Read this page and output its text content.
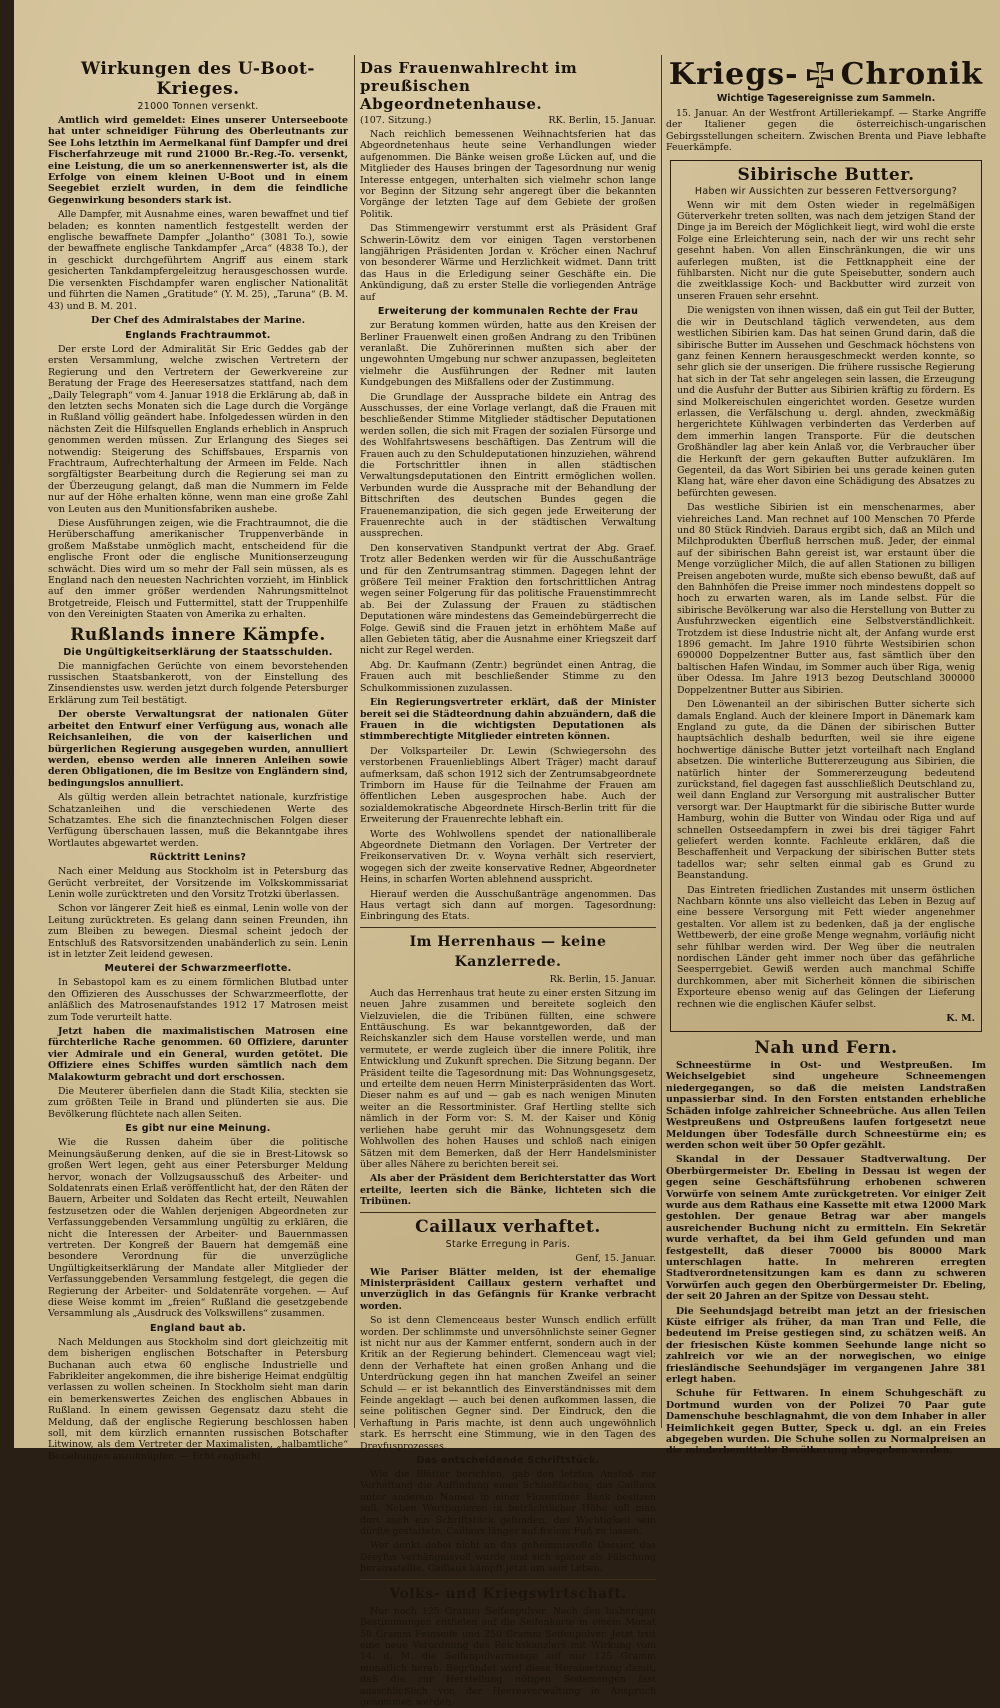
Wirkungen des U-Boot-Krieges.
21000 Tonnen versenkt.

Amtlich wird gemeldet: Eines unserer Unterseeboote hat unter schneidiger Führung des Oberleutnants zur See Lohs letzthin im Aermelkanal fünf Dampfer und drei Fischerfahrzeuge mit rund 21000 Br.-Reg.-To. versenkt, eine Leistung, die um so anerkennenswerter ist, als die Erfolge von einem kleinen U-Boot und in einem Seegebiet erzielt wurden, in dem die feindliche Gegenwirkung besonders stark ist.

Alle Dampfer, mit Ausnahme eines, waren bewaffnet und tief beladen; es konnten namentlich festgestellt werden der englische bewaffnete Dampfer „Jolantho“ (3081 To.), sowie der bewaffnete englische Tankdampfer „Arca“ (4838 To.), der in geschickt durchgeführtem Angriff aus einem stark gesicherten Tankdampfergeleitzug herausgeschossen wurde. Die versenkten Fischdampfer waren englischer Nationalität und führten die Namen „Gratitude“ (Y. M. 25), „Taruna“ (B. M. 43) und B. M. 201.

Der Chef des Admiralstabes der Marine.
Englands Frachtraummot.

Der erste Lord der Admiralität Sir Eric Geddes gab der ersten Versammlung, welche zwischen Vertretern der Regierung und den Vertretern der Gewerkvereine zur Beratung der Frage des Heeresersatzes stattfand, nach dem „Daily Telegraph“ vom 4. Januar 1918 die Erklärung ab, daß in den letzten sechs Monaten sich die Lage durch die Vorgänge in Rußland völlig geändert habe. Infolgedessen würden in den nächsten Zeit die Hilfsquellen Englands erheblich in Anspruch genommen werden müssen. Zur Erlangung des Sieges sei notwendig: Steigerung des Schiffsbaues, Ersparnis von Frachtraum, Aufrechterhaltung der Armeen im Felde. Nach sorgfältigster Bearbeitung durch die Regierung sei man zu der Überzeugung gelangt, daß man die Nummern im Felde nur auf der Höhe erhalten könne, wenn man eine große Zahl von Leuten aus den Munitionsfabriken aushebe.

Diese Ausführungen zeigen, wie die Frachtraumnot, die die Herüberschaffung amerikanischer Truppenverbände in großem Maßstabe unmöglich macht, entscheidend für die englische Front oder die englische Munitionserzeugung schwächt. Dies wird um so mehr der Fall sein müssen, als es England nach den neuesten Nachrichten vorzieht, im Hinblick auf den immer größer werdenden Nahrungsmittelnot Brotgetreide, Fleisch und Futtermittel, statt der Truppenhilfe von den Vereinigten Staaten von Amerika zu erhalten.

Rußlands innere Kämpfe.
Die Ungültigkeitserklärung der Staatsschulden.

Die mannigfachen Gerüchte von einem bevorstehenden russischen Staatsbankerott, von der Einstellung des Zinsendienstes usw. werden jetzt durch folgende Petersburger Erklärung zum Teil bestätigt.

Der oberste Verwaltungsrat der nationalen Güter arbeitet den Entwurf einer Verfügung aus, wonach alle Reichsanleihen, die von der kaiserlichen und bürgerlichen Regierung ausgegeben wurden, annulliert werden, ebenso werden alle inneren Anleihen sowie deren Obligationen, die im Besitze von Engländern sind, bedingungslos annulliert.

Als gültig werden allein betrachtet nationale, kurzfristige Schatzanleihen und die verschiedenen Werte des Schatzamtes. Ehe sich die finanztechnischen Folgen dieser Verfügung überschauen lassen, muß die Bekanntgabe ihres Wortlautes abgewartet werden.

Rücktritt Lenins?

Nach einer Meldung aus Stockholm ist in Petersburg das Gerücht verbreitet, der Vorsitzende im Volkskommissariat Lenin wolle zurücktreten und den Vorsitz Trotzki überlassen.

Schon vor längerer Zeit hieß es einmal, Lenin wolle von der Leitung zurücktreten. Es gelang dann seinen Freunden, ihn zum Bleiben zu bewegen. Diesmal scheint jedoch der Entschluß des Ratsvorsitzenden unabänderlich zu sein. Lenin ist in letzter Zeit leidend gewesen.

Meuterei der Schwarzmeerflotte.

In Sebastopol kam es zu einem förmlichen Blutbad unter den Offizieren des Ausschusses der Schwarzmeerflotte, der anläßlich des Matrosenaufstandes 1912 17 Matrosen meist zum Tode verurteilt hatte.

Jetzt haben die maximalistischen Matrosen eine fürchterliche Rache genommen. 60 Offiziere, darunter vier Admirale und ein General, wurden getötet. Die Offiziere eines Schiffes wurden sämtlich nach dem Malakowturm gebracht und dort erschossen.

Die Meuterer überfielen dann die Stadt Kilia, steckten sie zum größten Teile in Brand und plünderten sie aus. Die Bevölkerung flüchtete nach allen Seiten.

Es gibt nur eine Meinung.

Wie die Russen daheim über die politische Meinungsäußerung denken, auf die sie in Brest-Litowsk so großen Wert legen, geht aus einer Petersburger Meldung hervor, wonach der Vollzugsausschuß des Arbeiter- und Soldatenrats einen Erlaß veröffentlicht hat, der den Räten der Bauern, Arbeiter und Soldaten das Recht erteilt, Neuwahlen festzusetzen oder die Wahlen derjenigen Abgeordneten zur Verfassunggebenden Versammlung ungültig zu erklären, die nicht die Interessen der Arbeiter- und Bauernmassen vertreten. Der Kongreß der Bauern hat demgemäß eine besondere Verordnung für die unverzügliche Ungültigkeitserklärung der Mandate aller Mitglieder der Verfassunggebenden Versammlung festgelegt, die gegen die Regierung der Arbeiter- und Soldatenräte vorgehen. — Auf diese Weise kommt im „freien“ Rußland die gesetzgebende Versammlung als „Ausdruck des Volkswillens“ zusammen.

England baut ab.

Nach Meldungen aus Stockholm sind dort gleichzeitig mit dem bisherigen englischen Botschafter in Petersburg Buchanan auch etwa 60 englische Industrielle und Fabrikleiter angekommen, die ihre bisherige Heimat endgültig verlassen zu wollen scheinen. In Stockholm sieht man darin ein bemerkenswertes Zeichen des englischen Abbaues in Rußland. In einem gewissen Gegensatz dazu steht die Meldung, daß der englische Regierung beschlossen haben soll, mit dem kürzlich ernannten russischen Botschafter Litwinow, als dem Vertreter der Maximalisten, „halbamtliche“ Beziehungen anzuknüpfen. — Echt englisch!

Das Frauenwahlrecht im preußischen Abgeordnetenhause.
(107. Sitzung.)	RK. Berlin, 15. Januar.

Nach reichlich bemessenen Weihnachtsferien hat das Abgeordnetenhaus heute seine Verhandlungen wieder aufgenommen. Die Bänke weisen große Lücken auf, und die Mitglieder des Hauses bringen der Tagesordnung nur wenig Interesse entgegen, unterhalten sich vielmehr schon lange vor Beginn der Sitzung sehr angeregt über die bekannten Vorgänge der letzten Tage auf dem Gebiete der großen Politik.

Das Stimmengewirr verstummt erst als Präsident Graf Schwerin-Löwitz dem vor einigen Tagen verstorbenen langjährigen Präsidenten Jordan v. Kröcher einen Nachruf von besonderer Wärme und Herzlichkeit widmet. Dann tritt das Haus in die Erledigung seiner Geschäfte ein. Die Ankündigung, daß zu erster Stelle die vorliegenden Anträge auf

Erweiterung der kommunalen Rechte der Frau

zur Beratung kommen würden, hatte aus den Kreisen der Berliner Frauenwelt einen großen Andrang zu den Tribünen veranlaßt. Die Zuhörerinnen mußten sich aber der ungewohnten Umgebung nur schwer anzupassen, begleiteten vielmehr die Ausführungen der Redner mit lauten Kundgebungen des Mißfallens oder der Zustimmung.

Die Grundlage der Aussprache bildete ein Antrag des Ausschusses, der eine Vorlage verlangt, daß die Frauen mit beschließender Stimme Mitglieder städtischer Deputationen werden sollen, die sich mit Fragen der sozialen Fürsorge und des Wohlfahrtswesens beschäftigen. Das Zentrum will die Frauen auch zu den Schuldeputationen hinzuziehen, während die Fortschrittler ihnen in allen städtischen Verwaltungsdeputationen den Eintritt ermöglichen wollen. Verbunden wurde die Aussprache mit der Behandlung der Bittschriften des deutschen Bundes gegen die Frauenemanzipation, die sich gegen jede Erweiterung der Frauenrechte auch in der städtischen Verwaltung aussprechen.

Den konservativen Standpunkt vertrat der Abg. Graef. Trotz aller Bedenken werden wir für die Ausschußanträge und für den Zentrumsantrag stimmen. Dagegen lehnt der größere Teil meiner Fraktion den fortschrittlichen Antrag wegen seiner Folgerung für das politische Frauenstimmrecht ab. Bei der Zulassung der Frauen zu städtischen Deputationen wäre mindestens das Gemeindebürgerrecht die Folge. Gewiß sind die Frauen jetzt in erhöhtem Maße auf allen Gebieten tätig, aber die Ausnahme einer Kriegszeit darf nicht zur Regel werden.

Abg. Dr. Kaufmann (Zentr.) begründet einen Antrag, die Frauen auch mit beschließender Stimme zu den Schulkommissionen zuzulassen.

Ein Regierungsvertreter erklärt, daß der Minister bereit sei die Städteordnung dahin abzuändern, daß die Frauen in die wichtigsten Deputationen als stimmberechtigte Mitglieder eintreten können.

Der Volksparteiler Dr. Lewin (Schwiegersohn des verstorbenen Frauenlieblings Albert Träger) macht darauf aufmerksam, daß schon 1912 sich der Zentrumsabgeordnete Trimborn im Hause für die Teilnahme der Frauen am öffentlichen Leben ausgesprochen habe. Auch der sozialdemokratische Abgeordnete Hirsch-Berlin tritt für die Erweiterung der Frauenrechte lebhaft ein.

Worte des Wohlwollens spendet der nationalliberale Abgeordnete Dietmann den Vorlagen. Der Vertreter der Freikonservativen Dr. v. Woyna verhält sich reserviert, wogegen sich der zweite konservative Redner, Abgeordneter Heins, in scharfen Worten ablehnend ausspricht.

Hierauf werden die Ausschußanträge angenommen. Das Haus vertagt sich dann auf morgen. Tagesordnung: Einbringung des Etats.

Im Herrenhaus — keine Kanzlerrede.
Rk. Berlin, 15. Januar.

Auch das Herrenhaus trat heute zu einer ersten Sitzung im neuen Jahre zusammen und bereitete sogleich den Vielzuvielen, die die Tribünen füllten, eine schwere Enttäuschung. Es war bekanntgeworden, daß der Reichskanzler sich dem Hause vorstellen werde, und man vermutete, er werde zugleich über die innere Politik, ihre Entwicklung und Zukunft sprechen. Die Sitzung begann. Der Präsident teilte die Tagesordnung mit: Das Wohnungsgesetz, und erteilte dem neuen Herrn Ministerpräsidenten das Wort. Dieser nahm es auf und — gab es nach wenigen Minuten weiter an die Ressortminister. Graf Hertling stellte sich nämlich in der Form vor: S. M. der Kaiser und König verliehen habe geruht mir das Wohnungsgesetz dem Wohlwollen des hohen Hauses und schloß nach einigen Sätzen mit dem Bemerken, daß der Herr Handelsminister über alles Nähere zu berichten bereit sei.

Als aber der Präsident dem Berichterstatter das Wort erteilte, leerten sich die Bänke, lichteten sich die Tribünen.

Caillaux verhaftet.
Starke Erregung in Paris.
Genf, 15. Januar.

Wie Pariser Blätter melden, ist der ehemalige Ministerpräsident Caillaux gestern verhaftet und unverzüglich in das Gefängnis für Kranke verbracht worden.

So ist denn Clemenceaus bester Wunsch endlich erfüllt worden. Der schlimmste und unversöhnlichste seiner Gegner ist nicht nur aus der Kammer entfernt, sondern auch in der Kritik an der Regierung behindert. Clemenceau wagt viel; denn der Verhaftete hat einen großen Anhang und die Unterdrückung gegen ihn hat manchen Zweifel an seiner Schuld — er ist bekanntlich des Einverständnisses mit dem Feinde angeklagt — auch bei denen aufkommen lassen, die seine politischen Gegner sind. Der Eindruck, den die Verhaftung in Paris machte, ist denn auch ungewöhnlich stark. Es herrscht eine Stimmung, wie in den Tagen des Dreyfusprozesses.

Das entscheidende Schriftstück.

Wie die Blätter berichten, gab den letzten Anstoß zur Verhaftung die Auffindung eines Schließfaches, das Caillaux unter anderem Namen in einer Florentiner Bank besitzen soll. Neben Wertpapieren in beträchtlicher Höhe soll man dort auch ein Schriftstück gefunden, das Wichtigkeit sein dürfte gestattete, Caillaux länger auf freiem Fuß zu lassen.

Wer denkt dabei nicht an das geheimnisvolle Dossier, das Dreyfus verhängnisvoll wurde und sich später als Fälschung herausstellte. Caillaux kämpft jetzt um sein Leben.

Volks- und Kriegswirtschaft.

Nur noch 125 Gramm Seifenpulver. Nach den bisherigen Bestimmungen entfielen auf die Seifenkarte in einem Monat 50 Gramm Feinseife und 250 Gramm Seifenpulver. Jetzt tritt eine neue Verordnung des Reichskanzlers mit Wirkung vom 14. d. M. die Seifenpulvermenge auf nur 125 Gramm monatlich herab. Begründet wird diese Herabsetzung damit, daß die zur Herstellung nötigen Sodamengen fast ausschließlich von der Heeresverwaltung in Anspruch genommen werden.

Kriegs- Chronik
Wichtige Tagesereignisse zum Sammeln.

15. Januar. An der Westfront Artilleriekampf. — Starke Angriffe der Italiener gegen die österreichisch-ungarischen Gebirgsstellungen scheitern. Zwischen Brenta und Piave lebhafte Feuerkämpfe.

Sibirische Butter.
Haben wir Aussichten zur besseren Fettversorgung?

Wenn wir mit dem Osten wieder in regelmäßigen Güterverkehr treten sollten, was nach dem jetzigen Stand der Dinge ja im Bereich der Möglichkeit liegt, wird wohl die erste Folge eine Erleichterung sein, nach der wir uns recht sehr gesehnt haben. Von allen Einschränkungen, die wir uns auferlegen mußten, ist die Fettknappheit eine der fühlbarsten. Nicht nur die gute Speisebutter, sondern auch die zweitklassige Koch- und Backbutter wird zurzeit von unseren Frauen sehr ersehnt.

Die wenigsten von ihnen wissen, daß ein gut Teil der Butter, die wir in Deutschland täglich verwendeten, aus dem westlichen Sibirien kam. Das hat seinen Grund darin, daß die sibirische Butter im Aussehen und Geschmack höchstens von ganz feinen Kennern herausgeschmeckt werden konnte, so sehr glich sie der unserigen. Die frühere russische Regierung hat sich in der Tat sehr angelegen sein lassen, die Erzeugung und die Ausfuhr der Butter aus Sibirien kräftig zu fördern. Es sind Molkereischulen eingerichtet worden. Gesetze wurden erlassen, die Verfälschung u. dergl. ahnden, zweckmäßig hergerichtete Kühlwagen verbinderten das Verderben auf dem immerhin langen Transporte. Für die deutschen Großhändler lag aber kein Anlaß vor, die Verbraucher über die Herkunft der gern gekauften Butter aufzuklären. Im Gegenteil, da das Wort Sibirien bei uns gerade keinen guten Klang hat, wäre eher davon eine Schädigung des Absatzes zu befürchten gewesen.

Das westliche Sibirien ist ein menschenarmes, aber viehreiches Land. Man rechnet auf 100 Menschen 70 Pferde und 80 Stück Rindvieh. Daraus ergibt sich, daß an Milch und Milchprodukten Überfluß herrschen muß. Jeder, der einmal auf der sibirischen Bahn gereist ist, war erstaunt über die Menge vorzüglicher Milch, die auf allen Stationen zu billigen Preisen angeboten wurde, mußte sich ebenso bewußt, daß auf den Bahnhöfen die Preise immer noch mindestens doppelt so hoch zu erwarten waren, als im Lande selbst. Für die sibirische Bevölkerung war also die Herstellung von Butter zu Ausfuhrzwecken eigentlich eine Selbstverständlichkeit. Trotzdem ist diese Industrie nicht alt, der Anfang wurde erst 1896 gemacht. Im Jahre 1910 führte Westsibirien schon 690000 Doppelzentner Butter aus, fast sämtlich über den baltischen Hafen Windau, im Sommer auch über Riga, wenig über Odessa. Im Jahre 1913 bezog Deutschland 300000 Doppelzentner Butter aus Sibirien.

Den Löwenanteil an der sibirischen Butter sicherte sich damals England. Auch der kleinere Import in Dänemark kam England zu gute, da die Dänen der sibirischen Butter hauptsächlich deshalb bedurften, weil sie ihre eigene hochwertige dänische Butter jetzt vorteilhaft nach England absetzen. Die winterliche Buttererzeugung aus Sibirien, die natürlich hinter der Sommererzeugung bedeutend zurückstand, fiel dagegen fast ausschließlich Deutschland zu, weil dann England zur Versorgung mit australischer Butter versorgt war. Der Hauptmarkt für die sibirische Butter wurde Hamburg, wohin die Butter von Windau oder Riga und auf schnellen Ostseedampfern in zwei bis drei tägiger Fahrt geliefert werden konnte. Fachleute erklären, daß die Beschaffenheit und Verpackung der sibirischen Butter stets tadellos war; sehr selten einmal gab es Grund zu Beanstandung.

Das Eintreten friedlichen Zustandes mit unserm östlichen Nachbarn könnte uns also vielleicht das Leben in Bezug auf eine bessere Versorgung mit Fett wieder angenehmer gestalten. Vor allem ist zu bedenken, daß ja der englische Wettbewerb, der eine große Menge wegnahm, vorläufig nicht sehr fühlbar werden wird. Der Weg über die neutralen nordischen Länder geht immer noch über das gefährliche Seesperrgebiet. Gewiß werden auch manchmal Schiffe durchkommen, aber mit Sicherheit können die sibirischen Exporteure ebenso wenig auf das Gelingen der Lieferung rechnen wie die englischen Käufer selbst.

K. M.
Nah und Fern.

Schneestürme in Ost- und Westpreußen. Im Weichselgebiet sind ungeheure Schneemengen niedergegangen, so daß die meisten Landstraßen unpassierbar sind. In den Forsten entstanden erhebliche Schäden infolge zahlreicher Schneebrüche. Aus allen Teilen Westpreußens und Ostpreußens laufen fortgesetzt neue Meldungen über Todesfälle durch Schneestürme ein; es werden schon weit über 50 Opfer gezählt.

Skandal in der Dessauer Stadtverwaltung. Der Oberbürgermeister Dr. Ebeling in Dessau ist wegen der gegen seine Geschäftsführung erhobenen schweren Vorwürfe von seinem Amte zurückgetreten. Vor einiger Zeit wurde aus dem Rathaus eine Kassette mit etwa 12000 Mark gestohlen. Der genaue Betrag war aber mangels ausreichender Buchung nicht zu ermitteln. Ein Sekretär wurde verhaftet, da bei ihm Geld gefunden und man festgestellt, daß dieser 70000 bis 80000 Mark unterschlagen hatte. In mehreren erregten Stadtverordnetensitzungen kam es dann zu schweren Vorwürfen auch gegen den Oberbürgermeister Dr. Ebeling, der seit 20 Jahren an der Spitze von Dessau steht.

Die Seehundsjagd betreibt man jetzt an der friesischen Küste eifriger als früher, da man Tran und Felle, die bedeutend im Preise gestiegen sind, zu schätzen weiß. An der friesischen Küste kommen Seehunde lange nicht so zahlreich vor wie an der norwegischen, wo einige friesländische Seehundsjäger im vergangenen Jahre 381 erlegt haben.

Schuhe für Fettwaren. In einem Schuhgeschäft zu Dortmund wurden von der Polizei 70 Paar gute Damenschuhe beschlagnahmt, die von dem Inhaber in aller Heimlichkeit gegen Butter, Speck u. dgl. an ein Freies abgegeben wurden. Die Schuhe sollen zu Normalpreisen an die minderbemittelte Bevölkerung abgegeben werden.
